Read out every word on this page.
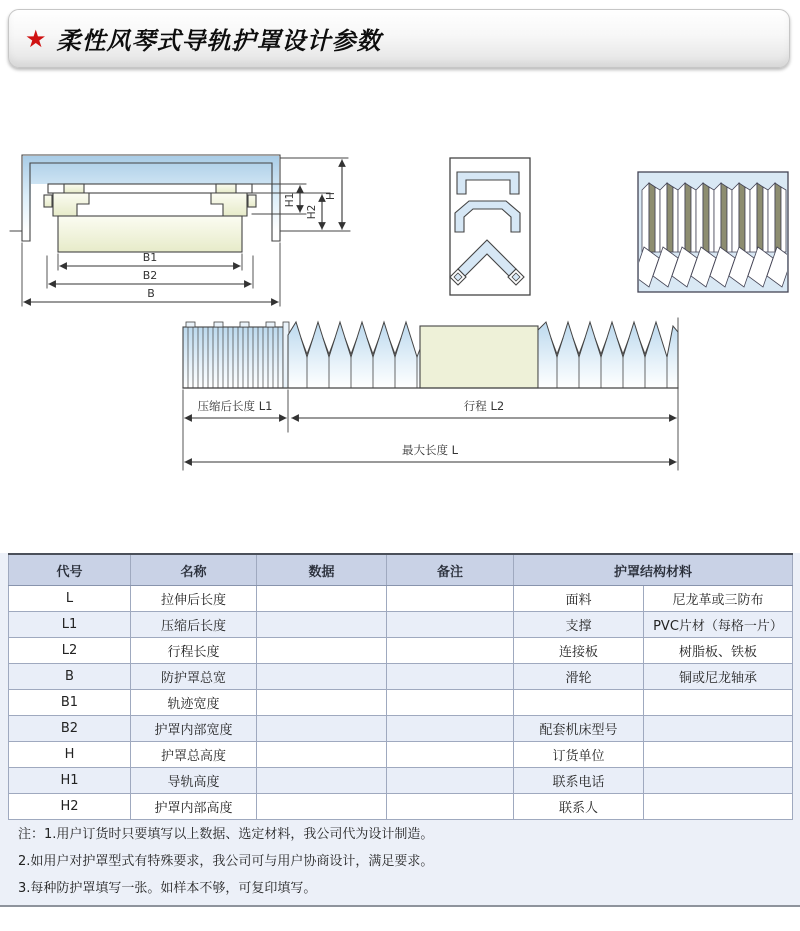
★ 柔性风琴式导轨护罩设计参数
B1
B2
B
H1
H2
H
压缩后长度 L1	行程 L2
最大长度 L
代号	名称	数据	备注	护罩结构材料	
L	拉伸后长度			面料	尼龙革或三防布
L1	压缩后长度			支撑	PVC片材（每格一片）
L2	行程长度			连接板	树脂板、铁板
B	防护罩总宽			滑轮	铜或尼龙轴承
B1	轨迹宽度				
B2	护罩内部宽度			配套机床型号	
H	护罩总高度			订货单位	
H1	导轨高度			联系电话	
H2	护罩内部高度			联系人	

注：1.用户订货时只要填写以上数据、选定材料，我公司代为设计制造。

2.如用户对护罩型式有特殊要求，我公司可与用户协商设计，满足要求。

3.每种防护罩填写一张。如样本不够，可复印填写。
